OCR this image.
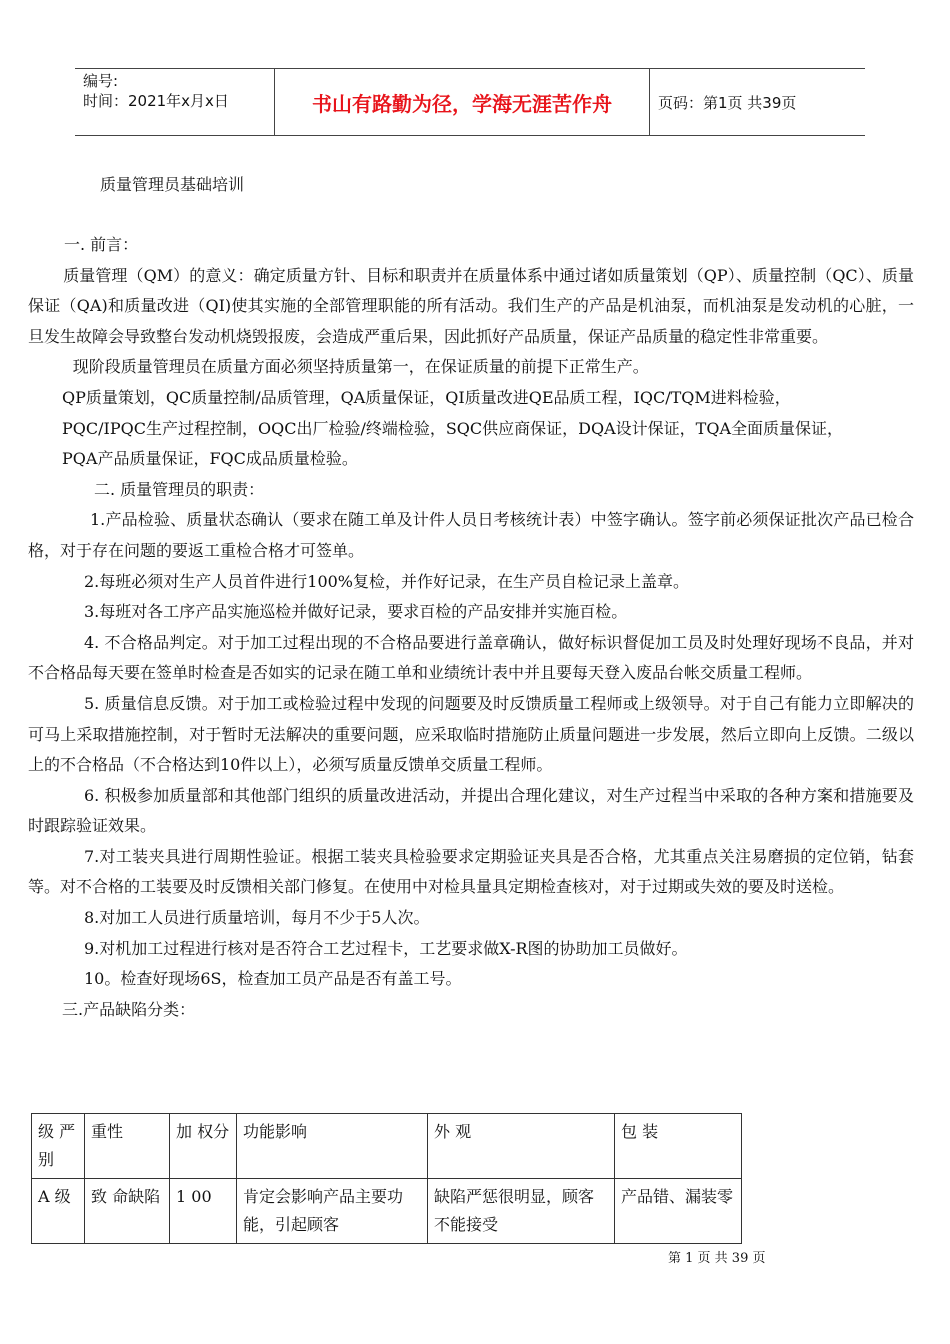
编号:
时间：2021年x月x日	书山有路勤为径，学海无涯苦作舟	页码：第1页 共39页
质量管理员基础培训

一. 前言：

质量管理（QM）的意义：确定质量方针、目标和职责并在质量体系中通过诸如质量策划（QP）、质量控制（QC）、质量保证（QA)和质量改进（QI)使其实施的全部管理职能的所有活动。我们生产的产品是机油泵，而机油泵是发动机的心脏，一旦发生故障会导致整台发动机烧毁报废，会造成严重后果，因此抓好产品质量，保证产品质量的稳定性非常重要。

现阶段质量管理员在质量方面必须坚持质量第一，在保证质量的前提下正常生产。

QP质量策划，QC质量控制/品质管理，QA质量保证，QI质量改进QE品质工程，IQC/TQM进料检验，

PQC/IPQC生产过程控制，OQC出厂检验/终端检验，SQC供应商保证，DQA设计保证，TQA全面质量保证，

PQA产品质量保证，FQC成品质量检验。

二. 质量管理员的职责：

1.产品检验、质量状态确认（要求在随工单及计件人员日考核统计表）中签字确认。签字前必须保证批次产品已检合格，对于存在问题的要返工重检合格才可签单。

2.每班必须对生产人员首件进行100%复检，并作好记录，在生产员自检记录上盖章。

3.每班对各工序产品实施巡检并做好记录，要求百检的产品安排并实施百检。

4. 不合格品判定。对于加工过程出现的不合格品要进行盖章确认，做好标识督促加工员及时处理好现场不良品，并对不合格品每天要在签单时检查是否如实的记录在随工单和业绩统计表中并且要每天登入废品台帐交质量工程师。

5. 质量信息反馈。对于加工或检验过程中发现的问题要及时反馈质量工程师或上级领导。对于自己有能力立即解决的可马上采取措施控制，对于暂时无法解决的重要问题，应采取临时措施防止质量问题进一步发展，然后立即向上反馈。二级以上的不合格品（不合格达到10件以上），必须写质量反馈单交质量工程师。

6. 积极参加质量部和其他部门组织的质量改进活动，并提出合理化建议，对生产过程当中采取的各种方案和措施要及时跟踪验证效果。

7.对工装夹具进行周期性验证。根据工装夹具检验要求定期验证夹具是否合格，尤其重点关注易磨损的定位销，钻套等。对不合格的工装要及时反馈相关部门修复。在使用中对检具量具定期检查核对，对于过期或失效的要及时送检。

8.对加工人员进行质量培训，每月不少于5人次。

9.对机加工过程进行核对是否符合工艺过程卡，工艺要求做X-R图的协助加工员做好。

10。检查好现场6S，检查加工员产品是否有盖工号。

三.产品缺陷分类：

级 严 别	重性	加 权分	功能影响	外 观	包 装
A 级	致 命缺陷	1 00	肯定会影响产品主要功能，引起顾客	缺陷严惩很明显，顾客不能接受	产品错、漏装零
第 1 页 共 39 页
